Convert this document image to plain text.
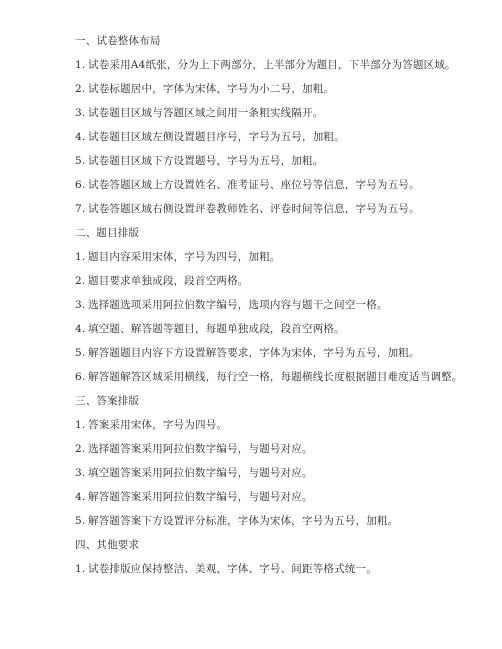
一、试卷整体布局
1. 试卷采用A4纸张，分为上下两部分，上半部分为题目，下半部分为答题区域。
2. 试卷标题居中，字体为宋体，字号为小二号，加粗。
3. 试卷题目区域与答题区域之间用一条粗实线隔开。
4. 试卷题目区域左侧设置题目序号，字号为五号，加粗。
5. 试卷题目区域下方设置题号，字号为五号，加粗。
6. 试卷答题区域上方设置姓名、准考证号、座位号等信息，字号为五号。
7. 试卷答题区域右侧设置评卷教师姓名、评卷时间等信息，字号为五号。
二、题目排版
1. 题目内容采用宋体，字号为四号，加粗。
2. 题目要求单独成段，段首空两格。
3. 选择题选项采用阿拉伯数字编号，选项内容与题干之间空一格。
4. 填空题、解答题等题目，每题单独成段，段首空两格。
5. 解答题题目内容下方设置解答要求，字体为宋体，字号为五号，加粗。
6. 解答题解答区域采用横线，每行空一格，每题横线长度根据题目难度适当调整。
三、答案排版
1. 答案采用宋体，字号为四号。
2. 选择题答案采用阿拉伯数字编号，与题号对应。
3. 填空题答案采用阿拉伯数字编号，与题号对应。
4. 解答题答案采用阿拉伯数字编号，与题号对应。
5. 解答题答案下方设置评分标准，字体为宋体，字号为五号，加粗。
四、其他要求
1. 试卷排版应保持整洁、美观，字体、字号、间距等格式统一。
